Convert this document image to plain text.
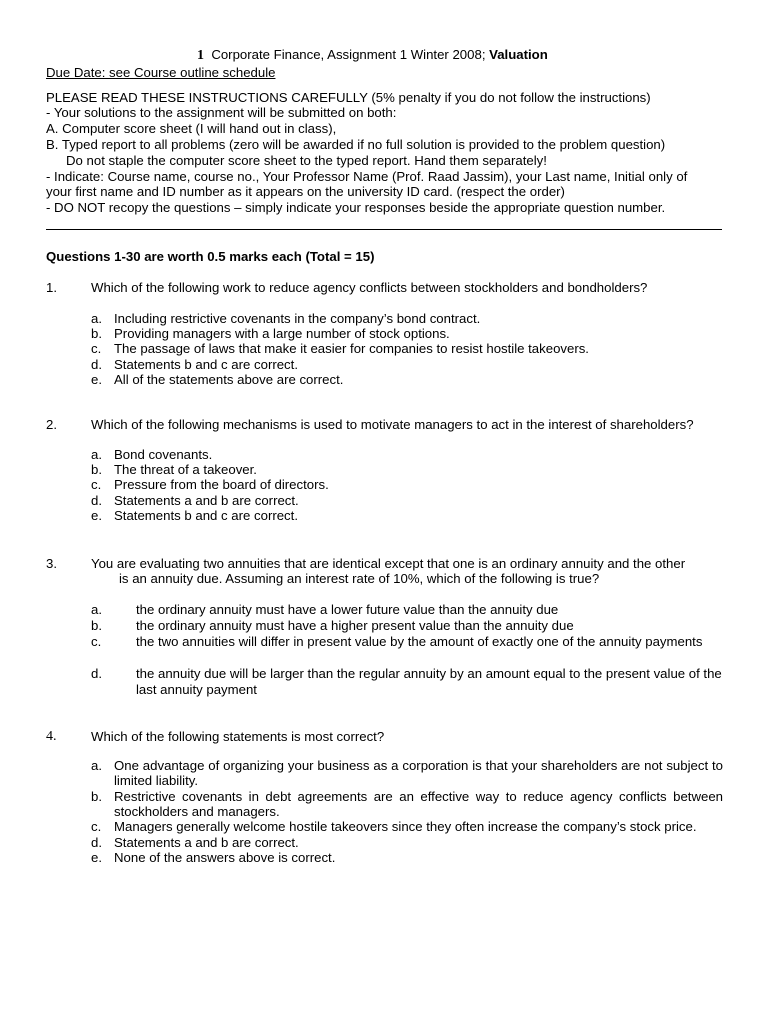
1 Corporate Finance, Assignment 1 Winter 2008; Valuation
Due Date: see Course outline schedule
PLEASE READ THESE INSTRUCTIONS CAREFULLY (5% penalty if you do not follow the instructions)
- Your solutions to the assignment will be submitted on both:
A. Computer score sheet (I will hand out in class),
B. Typed report to all problems (zero will be awarded if no full solution is provided to the problem question)
Do not staple the computer score sheet to the typed report. Hand them separately!
- Indicate: Course name, course no., Your Professor Name (Prof. Raad Jassim), your Last name, Initial only of
your first name and ID number as it appears on the university ID card. (respect the order)
- DO NOT recopy the questions – simply indicate your responses beside the appropriate question number.
Questions 1-30 are worth 0.5 marks each (Total = 15)
1.	Which of the following work to reduce agency conflicts between stockholders and bondholders?
a. Including restrictive covenants in the company’s bond contract.
b. Providing managers with a large number of stock options.
c. The passage of laws that make it easier for companies to resist hostile takeovers.
d. Statements b and c are correct.
e. All of the statements above are correct.
2.	Which of the following mechanisms is used to motivate managers to act in the interest of shareholders?
a. Bond covenants.
b. The threat of a takeover.
c. Pressure from the board of directors.
d. Statements a and b are correct.
e. Statements b and c are correct.
3.	You are evaluating two annuities that are identical except that one is an ordinary annuity and the other
is an annuity due. Assuming an interest rate of 10%, which of the following is true?
a.	the ordinary annuity must have a lower future value than the annuity due
b.	the ordinary annuity must have a higher present value than the annuity due
c.	the two annuities will differ in present value by the amount of exactly one of the annuity payments
d.	the annuity due will be larger than the regular annuity by an amount equal to the present value of the last annuity payment
4.	Which of the following statements is most correct?
a. One advantage of organizing your business as a corporation is that your shareholders are not subject to limited liability.
b. Restrictive covenants in debt agreements are an effective way to reduce agency conflicts between stockholders and managers.
c. Managers generally welcome hostile takeovers since they often increase the company’s stock price.
d. Statements a and b are correct.
e. None of the answers above is correct.
